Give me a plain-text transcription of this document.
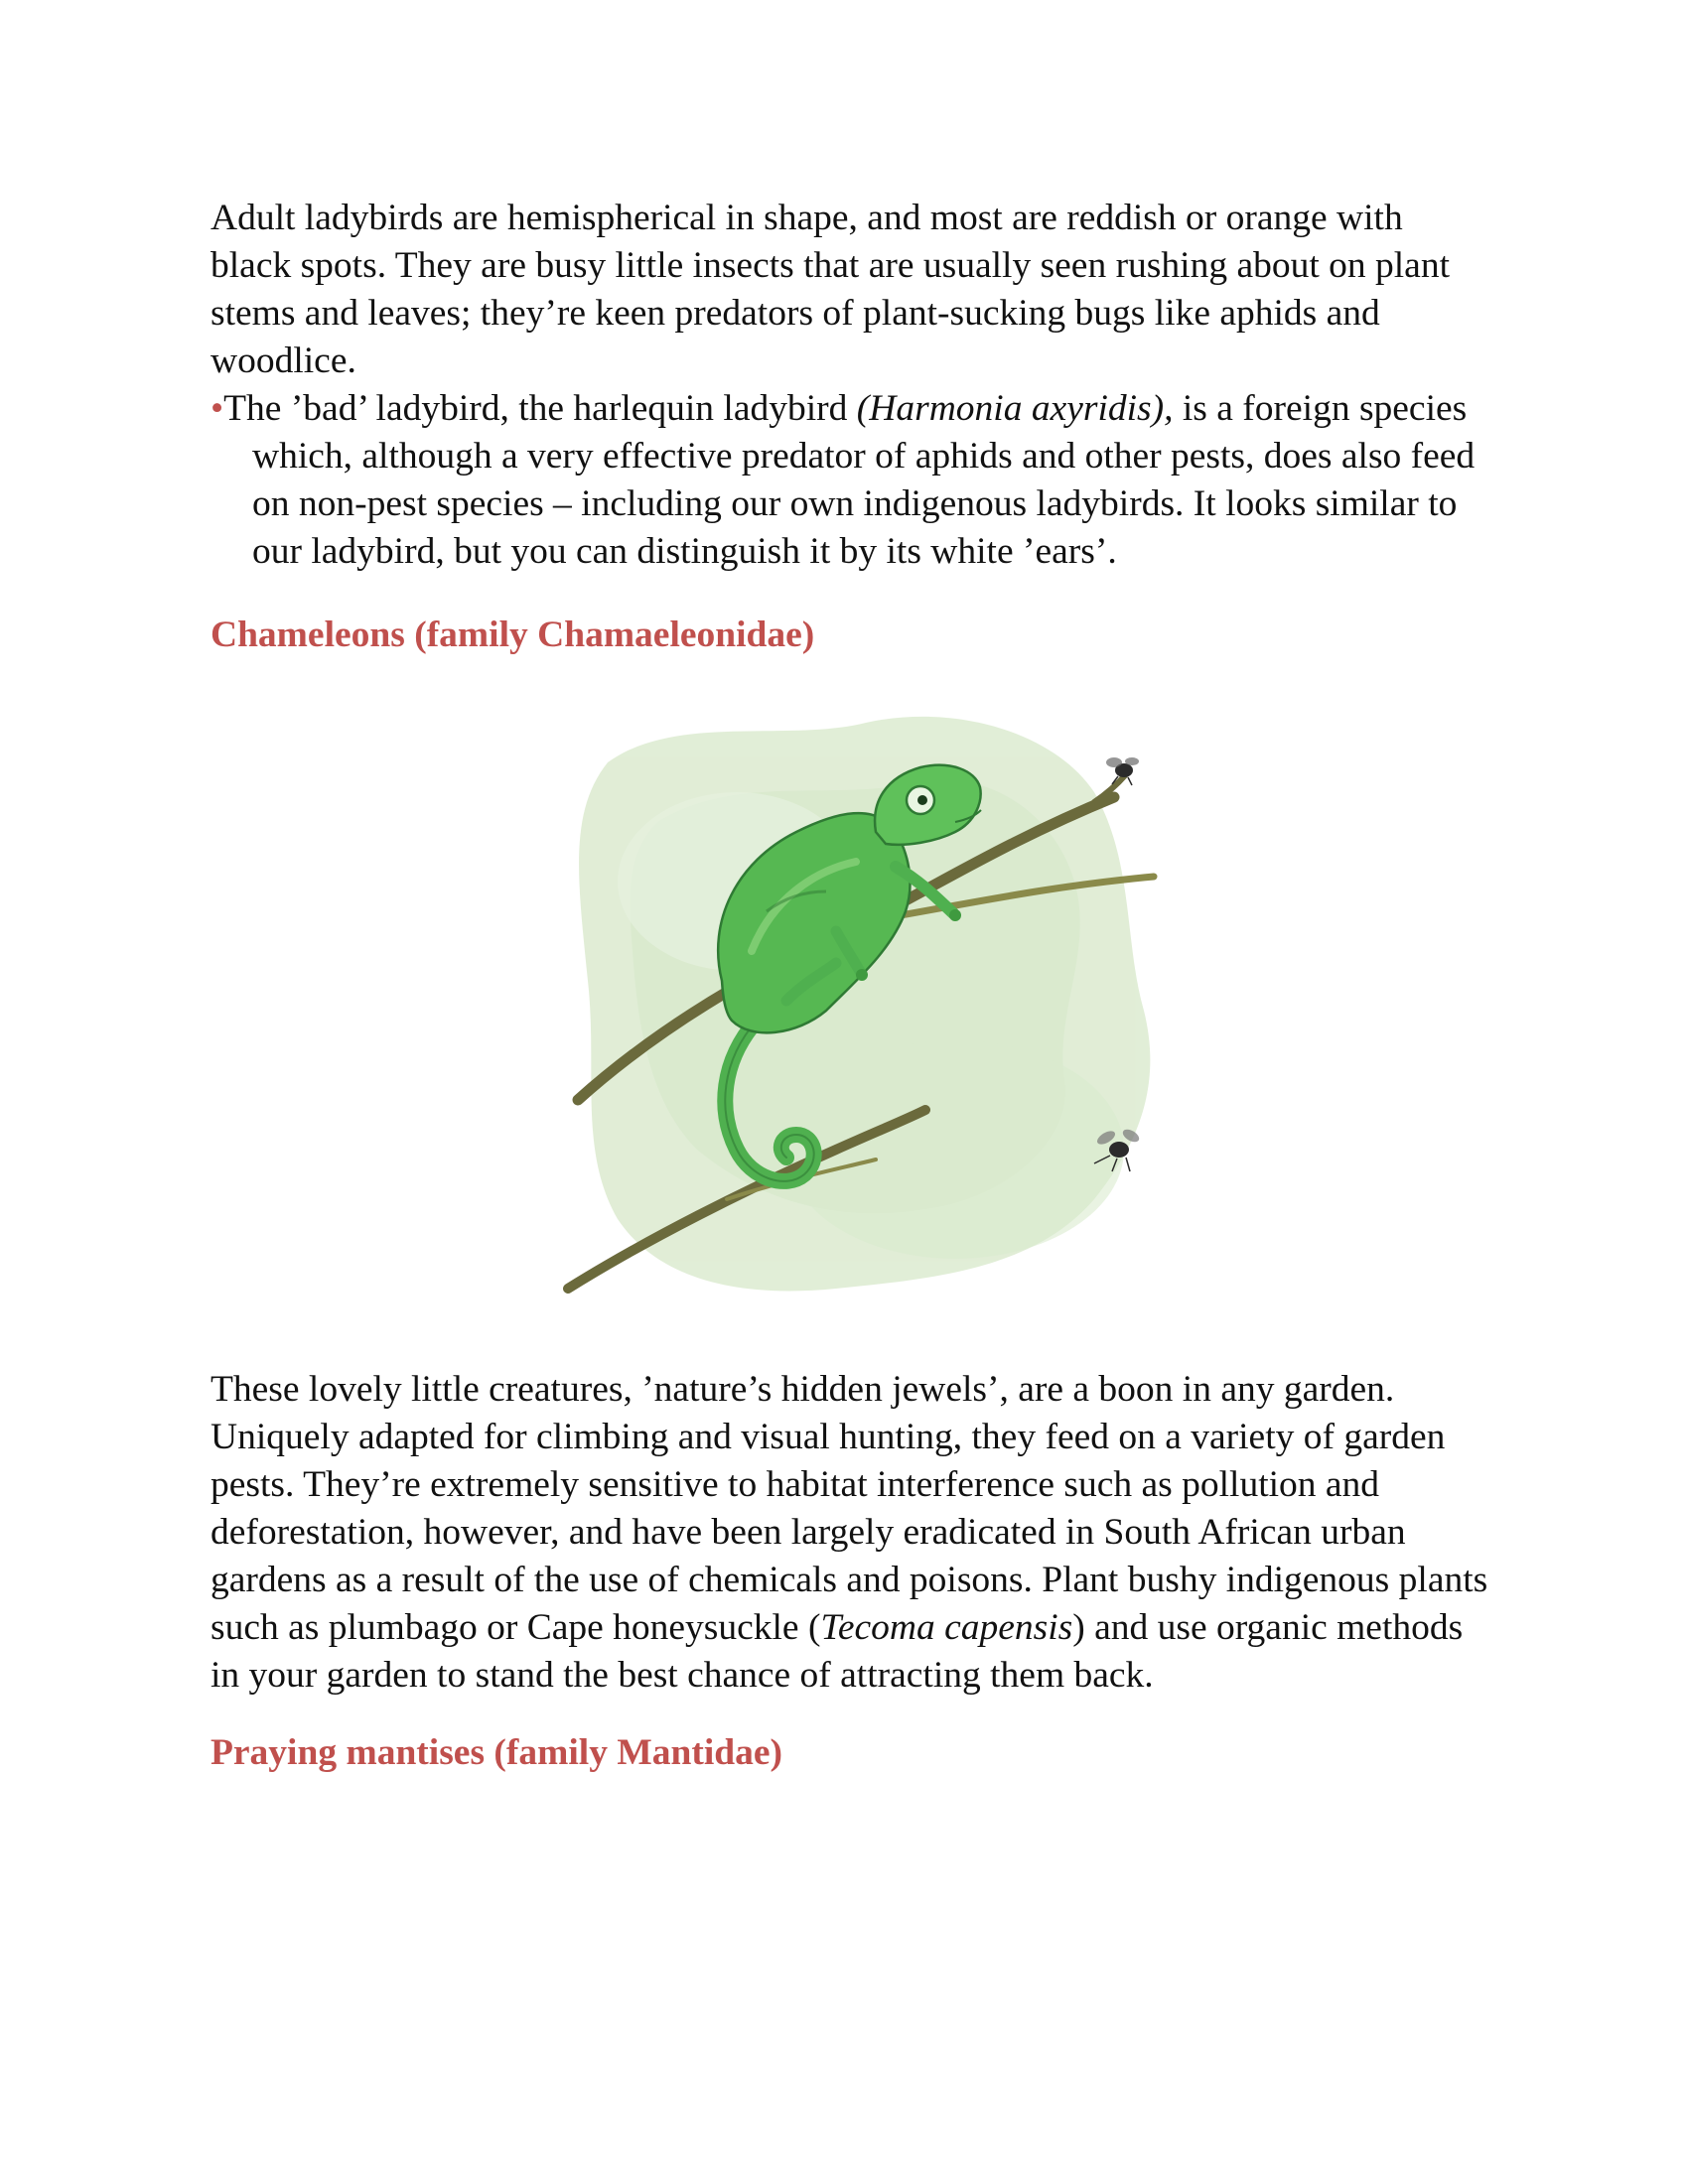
Adult ladybirds are hemispherical in shape, and most are reddish or orange with black spots. They are busy little insects that are usually seen rushing about on plant stems and leaves; they’re keen predators of plant-sucking bugs like aphids and woodlice.

•The ’bad’ ladybird, the harlequin ladybird (Harmonia axyridis), is a foreign species which, although a very effective predator of aphids and other pests, does also feed on non-pest species – including our own indigenous ladybirds. It looks similar to our ladybird, but you can distinguish it by its white ’ears’.

Chameleons (family Chamaeleonidae)

These lovely little creatures, ’nature’s hidden jewels’, are a boon in any garden. Uniquely adapted for climbing and visual hunting, they feed on a variety of garden pests. They’re extremely sensitive to habitat interference such as pollution and deforestation, however, and have been largely eradicated in South African urban gardens as a result of the use of chemicals and poisons. Plant bushy indigenous plants such as plumbago or Cape honeysuckle (Tecoma capensis) and use organic methods in your garden to stand the best chance of attracting them back.

Praying mantises (family Mantidae)
